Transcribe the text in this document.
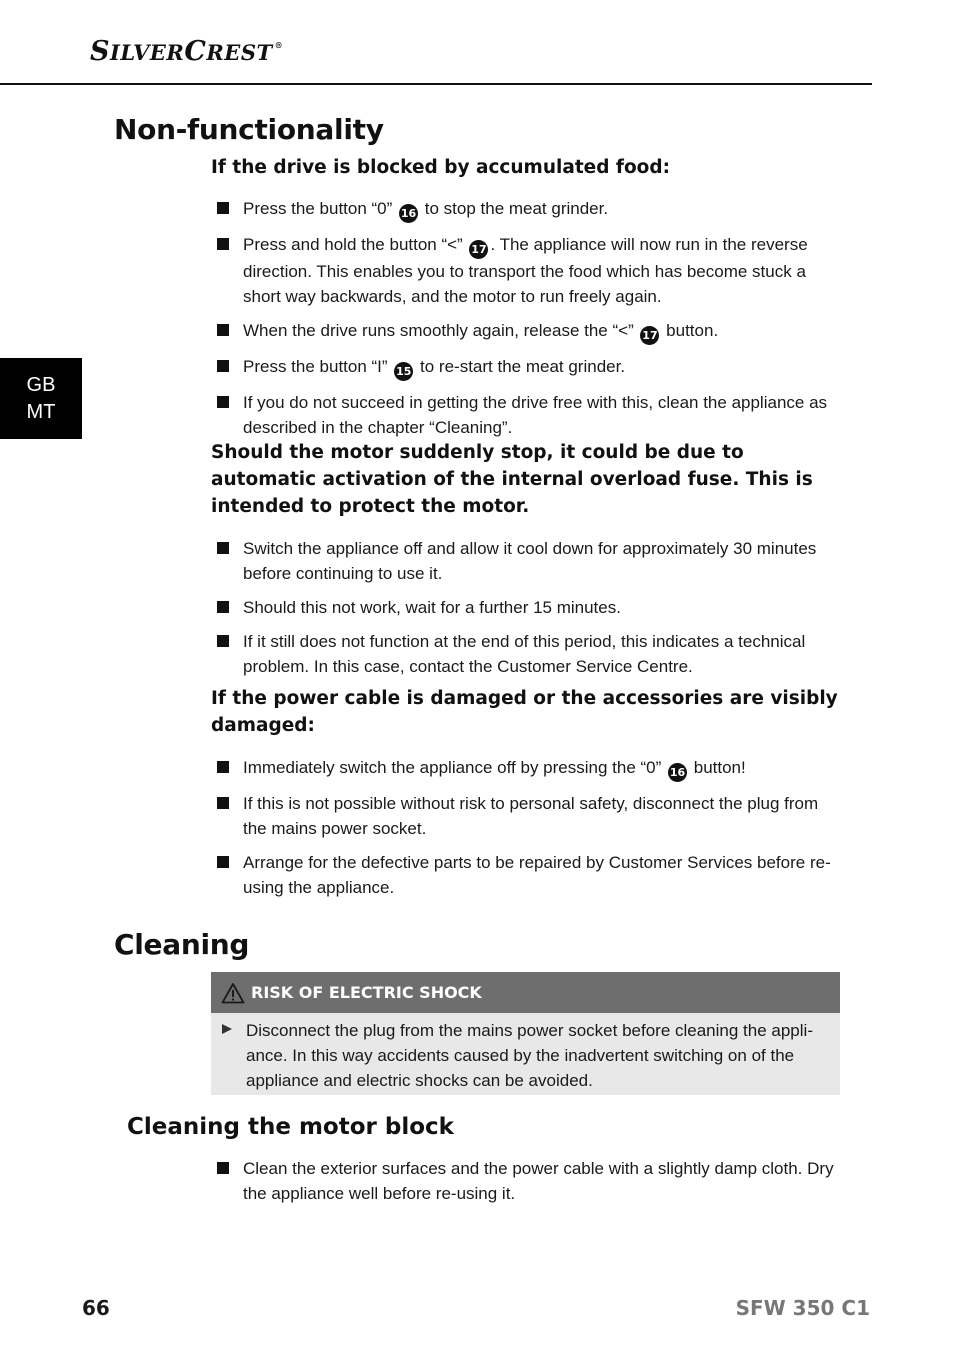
SILVERCREST ®
GB
MT
Non-functionality

If the drive is blocked by accumulated food:

Press the button “0” 16 to stop the meat grinder.
Press and hold the button “<” 17 . The appliance will now run in the reverse direction. This enables you to transport the food which has become stuck a short way backwards, and the motor to run freely again.
When the drive runs smoothly again, release the “<” 17 button.
Press the button “I” 15 to re-start the meat grinder.
If you do not succeed in getting the drive free with this, clean the appliance as described in the chapter “Cleaning”.

Should the motor suddenly stop, it could be due to automatic activation of the internal overload fuse. This is intended to protect the motor.

Switch the appliance off and allow it cool down for approximately 30 minutes before continuing to use it.
Should this not work, wait for a further 15 minutes.
If it still does not function at the end of this period, this indicates a technical problem. In this case, contact the Customer Service Centre.

If the power cable is damaged or the accessories are visibly damaged:

Immediately switch the appliance off by pressing the “0” 16 button!
If this is not possible without risk to personal safety, disconnect the plug from the mains power socket.
Arrange for the defective parts to be repaired by Customer Services before re-using the appliance.
Cleaning
RISK OF ELECTRIC SHOCK
Disconnect the plug from the mains power socket before cleaning the appli-ance. In this way accidents caused by the inadvertent switching on of the appliance and electric shocks can be avoided.
Cleaning the motor block
Clean the exterior surfaces and the power cable with a slightly damp cloth. Dry the appliance well before re-using it.
66	SFW 350 C1
